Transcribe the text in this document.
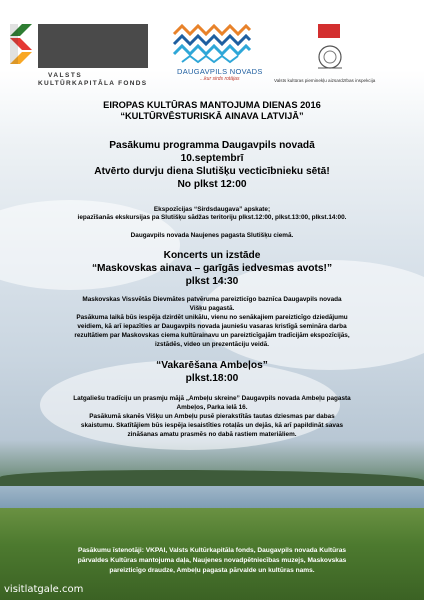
VALSTS
KULTŪRKAPITĀLA FONDS
DAUGAVPILS NOVADS
...kur sirds rotājas	Valsts kultūras pieminekļu aizsardzības inspekcija
EIROPAS KULTŪRAS MANTOJUMA DIENAS 2016
“KULTŪRVĒSTURISKĀ AINAVA LATVIJĀ”
Pasākumu programma Daugavpils novadā
10.septembrī
Atvērto durvju diena Slutišķu vecticībnieku sētā!
No plkst 12:00
Ekspozīcijas “Sirdsdaugava” apskate;
iepazīšanās ekskursijas pa Slutišķu sādžas teritoriju plkst.12:00, plkst.13:00, plkst.14:00.
Daugavpils novada Naujenes pagasta Slutišķu ciemā.
Koncerts un izstāde
“Maskovskas ainava – garīgās iedvesmas avots!”
plkst 14:30
Maskovskas Vissvētās Dievmātes patvēruma pareizticīgo baznīca Daugavpils novada
Višķu pagastā.
Pasākuma laikā būs iespēja dzirdēt unikālu, vienu no senākajiem pareizticīgo dziedājumu
veidiem, kā arī iepazīties ar Daugavpils novada jauniešu vasaras kristīgā semināra darba
rezultātiem par Maskovskas ciema kultūrainavu un pareizticīgajām tradīcijām ekspozīcijās,
izstādēs, video un prezentāciju veidā.
“Vakarēšana Ambeļos”
plkst.18:00
Latgaliešu tradīciju un prasmju mājā „Ambeļu skreine” Daugavpils novada Ambeļu pagasta
Ambeļos, Parka ielā 16.
Pasākumā skanēs Višķu un Ambeļu pusē pierakstītās tautas dziesmas par dabas
skaistumu. Skatītājiem būs iespēja iesaistīties rotaļās un dejās, kā arī papildināt savas
zināšanas amatu prasmēs no dabā rastiem materiāliem.
Pasākumu īstenotāji: VKPAI, Valsts Kultūrkapitāla fonds, Daugavpils novada Kultūras
pārvaldes Kultūras mantojuma daļa, Naujenes novadpētniecības muzejs, Maskovskas
pareizticīgo draudze, Ambeļu pagasta pārvalde un kultūras nams.
visitlatgale.com
